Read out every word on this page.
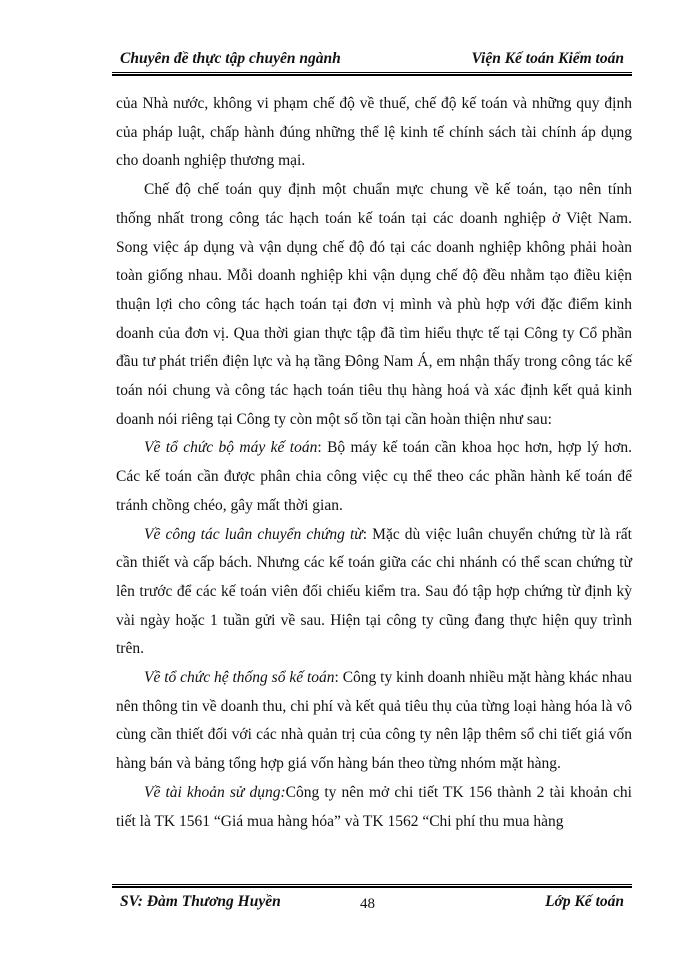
Chuyên đề thực tập chuyên ngành	Viện Kế toán Kiểm toán

của Nhà nước, không vi phạm chế độ về thuế, chế độ kế toán và những quy định của pháp luật, chấp hành đúng những thể lệ kinh tế chính sách tài chính áp dụng cho doanh nghiệp thương mại.

Chế độ chế toán quy định một chuẩn mực chung về kế toán, tạo nên tính thống nhất trong công tác hạch toán kế toán tại các doanh nghiệp ở Việt Nam. Song việc áp dụng và vận dụng chế độ đó tại các doanh nghiệp không phải hoàn toàn giống nhau. Mỗi doanh nghiệp khi vận dụng chế độ đều nhằm tạo điều kiện thuận lợi cho công tác hạch toán tại đơn vị mình và phù hợp với đặc điểm kinh doanh của đơn vị. Qua thời gian thực tập đã tìm hiểu thực tế tại Công ty Cổ phần đầu tư phát triển điện lực và hạ tầng Đông Nam Á, em nhận thấy trong công tác kế toán nói chung và công tác hạch toán tiêu thụ hàng hoá và xác định kết quả kinh doanh nói riêng tại Công ty còn một số tồn tại cần hoàn thiện như sau:

Về tổ chức bộ máy kế toán: Bộ máy kế toán cần khoa học hơn, hợp lý hơn. Các kế toán cần được phân chia công việc cụ thể theo các phần hành kế toán để tránh chồng chéo, gây mất thời gian.

Về công tác luân chuyển chứng từ: Mặc dù việc luân chuyển chứng từ là rất cần thiết và cấp bách. Nhưng các kế toán giữa các chi nhánh có thể scan chứng từ lên trước để các kế toán viên đối chiếu kiểm tra. Sau đó tập hợp chứng từ định kỳ vài ngày hoặc 1 tuần gửi về sau. Hiện tại công ty cũng đang thực hiện quy trình trên.

Về tổ chức hệ thống sổ kế toán: Công ty kinh doanh nhiều mặt hàng khác nhau nên thông tin về doanh thu, chi phí và kết quả tiêu thụ của từng loại hàng hóa là vô cùng cần thiết đối với các nhà quản trị của công ty nên lập thêm sổ chi tiết giá vốn hàng bán và bảng tổng hợp giá vốn hàng bán theo từng nhóm mặt hàng.

Về tài khoản sử dụng:Công ty nên mở chi tiết TK 156 thành 2 tài khoản chi tiết là TK 1561 “Giá mua hàng hóa” và TK 1562 “Chi phí thu mua hàng

SV: Đàm Thương Huyền	48	Lớp Kế toán
